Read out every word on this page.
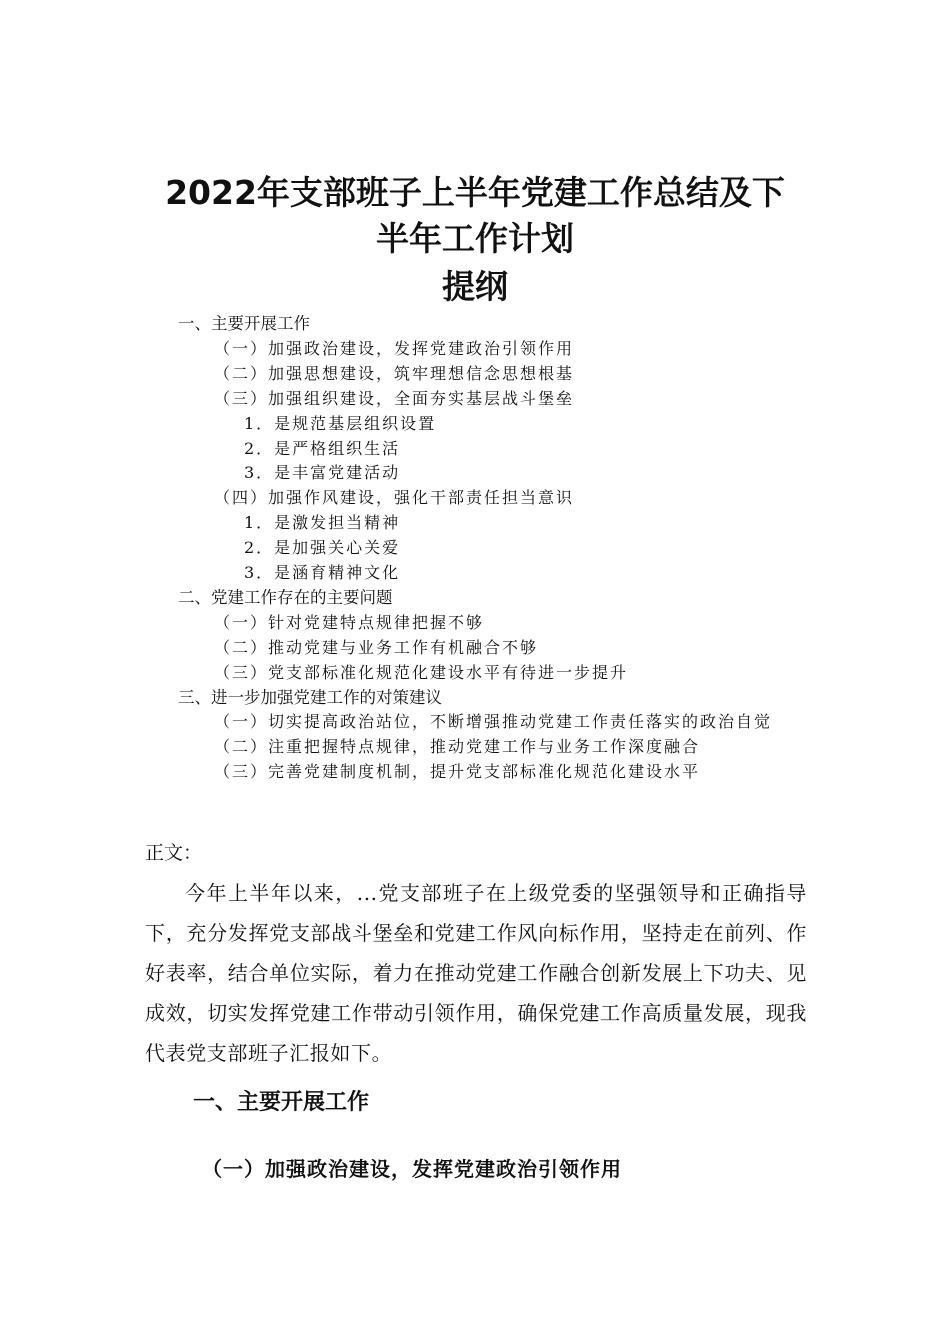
2022年支部班子上半年党建工作总结及下
半年工作计划
提纲
一、主要开展工作
（一）加强政治建设，发挥党建政治引领作用
（二）加强思想建设，筑牢理想信念思想根基
（三）加强组织建设，全面夯实基层战斗堡垒
1．是规范基层组织设置
2．是严格组织生活
3．是丰富党建活动
（四）加强作风建设，强化干部责任担当意识
1．是激发担当精神
2．是加强关心关爱
3．是涵育精神文化
二、党建工作存在的主要问题
（一）针对党建特点规律把握不够
（二）推动党建与业务工作有机融合不够
（三）党支部标准化规范化建设水平有待进一步提升
三、进一步加强党建工作的对策建议
（一）切实提高政治站位，不断增强推动党建工作责任落实的政治自觉
（二）注重把握特点规律，推动党建工作与业务工作深度融合
（三）完善党建制度机制，提升党支部标准化规范化建设水平
正文：

今年上半年以来，...党支部班子在上级党委的坚强领导和正确指导下，充分发挥党支部战斗堡垒和党建工作风向标作用，坚持走在前列、作好表率，结合单位实际，着力在推动党建工作融合创新发展上下功夫、见成效，切实发挥党建工作带动引领作用，确保党建工作高质量发展，现我代表党支部班子汇报如下。

一、主要开展工作
（一）加强政治建设，发挥党建政治引领作用
